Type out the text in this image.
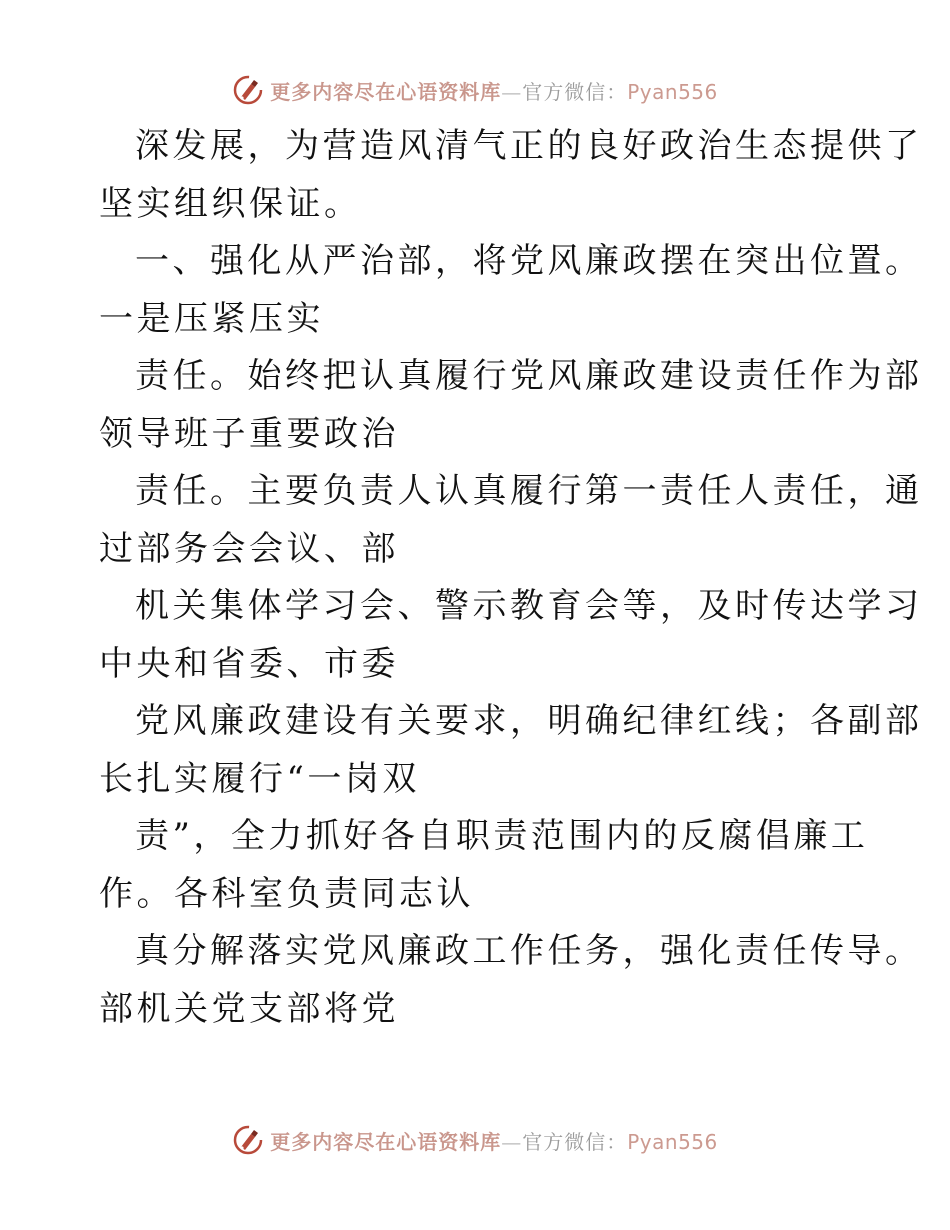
更多内容尽在心语资料库—官方微信：Pyan556

深发展，为营造风清气正的良好政治生态提供了

坚实组织保证。

一、强化从严治部，将党风廉政摆在突出位置。

一是压紧压实

责任。始终把认真履行党风廉政建设责任作为部

领导班子重要政治

责任。主要负责人认真履行第一责任人责任，通

过部务会会议、部

机关集体学习会、警示教育会等，及时传达学习

中央和省委、市委

党风廉政建设有关要求，明确纪律红线；各副部

长扎实履行“一岗双

责”，全力抓好各自职责范围内的反腐倡廉工

作。各科室负责同志认

真分解落实党风廉政工作任务，强化责任传导。

部机关党支部将党

更多内容尽在心语资料库—官方微信：Pyan556
